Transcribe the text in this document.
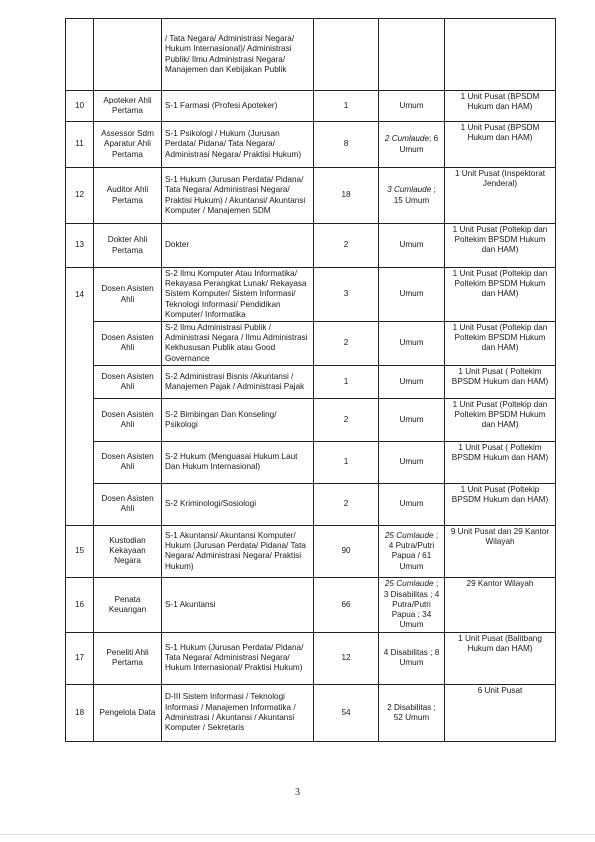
		/ Tata Negara/ Administrasi Negara/ Hukum Internasional)/ Administrasi Publik/ Ilmu Administrasi Negara/ Manajemen dan Kebijakan Publik			
10	Apoteker Ahli Pertama	S-1 Farmasi (Profesi Apoteker)	1	Umum	1 Unit Pusat (BPSDM Hukum dan HAM)
11	Assessor Sdm Aparatur Ahli Pertama	S-1 Psikologi / Hukum (Jurusan Perdata/ Pidana/ Tata Negara/ Administrasi Negara/ Praktisi Hukum)	8	2 Cumlaude; 6 Umum	1 Unit Pusat (BPSDM Hukum dan HAM)
12	Auditor Ahli Pertama	S-1 Hukum (Jurusan Perdata/ Pidana/ Tata Negara/ Administrasi Negara/ Praktisi Hukum) / Akuntansi/ Akuntansi Komputer / Manajemen SDM	18	3 Cumlaude ; 15 Umum	1 Unit Pusat (Inspektorat Jenderal)
13	Dokter Ahli Pertama	Dokter	2	Umum	1 Unit Pusat (Poltekip dan Poltekim BPSDM Hukum dan HAM)
14	Dosen Asisten Ahli	S-2 Ilmu Komputer Atau Informatika/ Rekayasa Perangkat Lunak/ Rekayasa Sistem Komputer/ Sistem Informasi/ Teknologi Informasi/ Pendidikan Komputer/ Informatika	3	Umum	1 Unit Pusat (Poltekip dan Poltekim BPSDM Hukum dan HAM)
	Dosen Asisten Ahli	S-2 Ilmu Administrasi Publik / Administrasi Negara / Ilmu Administrasi Kekhususan Publik atau Good Governance	2	Umum	1 Unit Pusat (Poltekip dan Poltekim BPSDM Hukum dan HAM)
	Dosen Asisten Ahli	S-2 Administrasi Bisnis /Akuntansi / Manajemen Pajak / Administrasi Pajak	1	Umum	1 Unit Pusat ( Poltekim BPSDM Hukum dan HAM)
	Dosen Asisten Ahli	S-2 Bimbingan Dan Konseling/ Psikologi	2	Umum	1 Unit Pusat (Poltekip dan Poltekim BPSDM Hukum dan HAM)
	Dosen Asisten Ahli	S-2 Hukum (Menguasai Hukum Laut Dan Hukum Internasional)	1	Umum	1 Unit Pusat ( Poltekim BPSDM Hukum dan HAM)
	Dosen Asisten Ahli	S-2 Kriminologi/Sosiologi	2	Umum	1 Unit Pusat (Poltekip BPSDM Hukum dan HAM)
15	Kustodian Kekayaan Negara	S-1 Akuntansi/ Akuntansi Komputer/ Hukum (Jurusan Perdata/ Pidana/ Tata Negara/ Administrasi Negara/ Praktisi Hukum)	90	25 Cumlaude ; 4 Putra/Putri Papua / 61 Umum	9 Unit Pusat dan 29 Kantor Wilayah
16	Penata Keuangan	S-1 Akuntansi	66	25 Cumlaude ; 3 Disabilitas ; 4 Putra/Putri Papua ; 34 Umum	29 Kantor Wilayah
17	Peneliti Ahli Pertama	S-1 Hukum (Jurusan Perdata/ Pidana/ Tata Negara/ Administrasi Negara/ Hukum Internasional/ Praktisi Hukum)	12	4 Disabilitas ; 8 Umum	1 Unit Pusat (Balitbang Hukum dan HAM)
18	Pengelola Data	D-III Sistem Informasi / Teknologi Informasi / Manajemen Informatika / Administrasi / Akuntansi / Akuntansi Komputer / Sekretaris	54	2 Disabilitas ; 52 Umum	6 Unit Pusat
3
